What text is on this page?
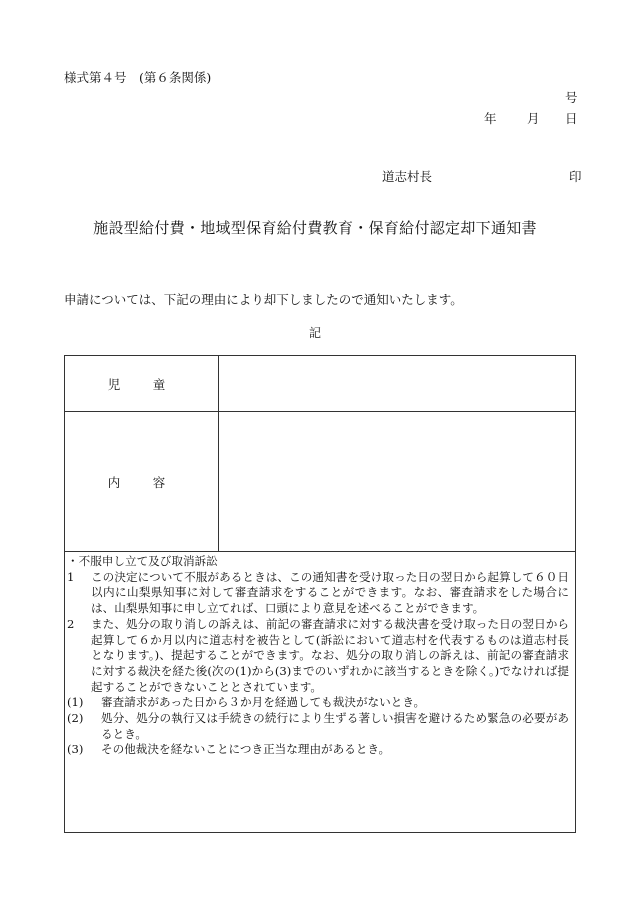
様式第４号　(第６条関係)
号
年 月 日
道志村長	印
施設型給付費・地域型保育給付費教育・保育給付認定却下通知書
申請については、下記の理由により却下しましたので通知いたします。
記
児　童
内　容

・不服申し立て及び取消訴訟

1	この決定について不服があるときは、この通知書を受け取った日の翌日から起算して６０日以内に山梨県知事に対して審査請求をすることができます。なお、審査請求をした場合には、山梨県知事に申し立てれば、口頭により意見を述べることができます。
2	また、処分の取り消しの訴えは、前記の審査請求に対する裁決書を受け取った日の翌日から起算して６か月以内に道志村を被告として(訴訟において道志村を代表するものは道志村長となります。)、提起することができます。なお、処分の取り消しの訴えは、前記の審査請求に対する裁決を経た後(次の(1)から(3)までのいずれかに該当するときを除く。)でなければ提起することができないこととされています。
(1)	審査請求があった日から３か月を経過しても裁決がないとき。
(2)	処分、処分の執行又は手続きの続行により生ずる著しい損害を避けるため緊急の必要があるとき。
(3)	その他裁決を経ないことにつき正当な理由があるとき。
